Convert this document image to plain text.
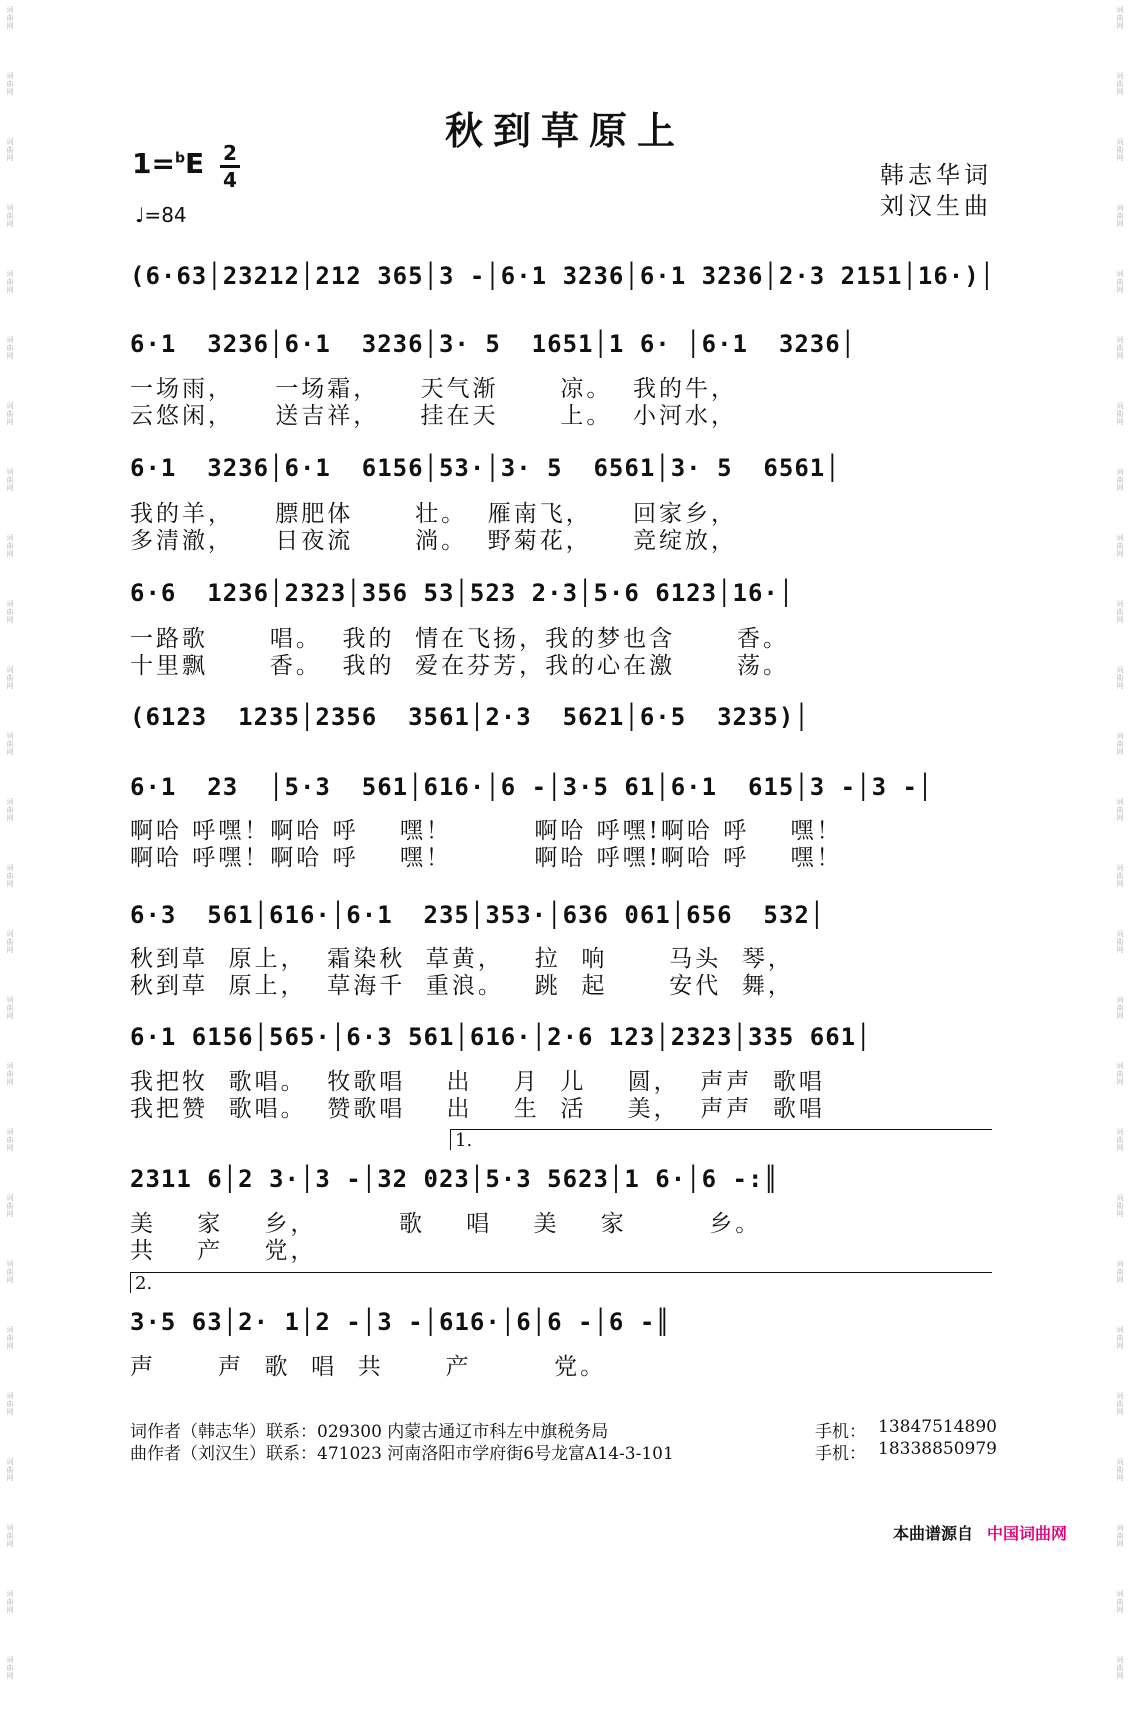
词
曲
网
词
曲
网
词
曲
网
词
曲
网
词
曲
网
词
曲
网
词
曲
网
词
曲
网
词
曲
网
词
曲
网
词
曲
网
词
曲
网
词
曲
网
词
曲
网
词
曲
网
词
曲
网
词
曲
网
词
曲
网
词
曲
网
词
曲
网
词
曲
网
词
曲
网
词
曲
网
词
曲
网
词
曲
网
词
曲
网
词
曲
网
词
曲
网
词
曲
网
词
曲
网
词
曲
网
词
曲
网
词
曲
网
词
曲
网
词
曲
网
词
曲
网
词
曲
网
词
曲
网
词
曲
网
词
曲
网
词
曲
网
词
曲
网
词
曲
网
词
曲
网
词
曲
网
词
曲
网
词
曲
网
词
曲
网
词
曲
网
词
曲
网
词
曲
网
词
曲
网
秋到草原上
1=$^b$E 2
4
♩=84
韩志华词
刘汉生曲
(6·63│23212│212 365│3 -│6·1 3236│6·1 3236│2·3 2151│16·)│
6·1  3236│6·1  3236│3· 5  1651│1 6· │6·1  3236│
一场雨，    一场霜，    天气渐      凉。  我的牛，
云悠闲，    送吉祥，    挂在天      上。  小河水，
6·1  3236│6·1  6156│53·│3· 5  6561│3· 5  6561│
我的羊，    膘肥体      壮。  雁南飞，    回家乡，
多清澈，    日夜流      淌。  野菊花，    竞绽放，
6·6  1236│2323│356 53│523 2·3│5·6 6123│16·│
一路歌      唱。  我的  情在飞扬，我的梦也含      香。
十里飘      香。  我的  爱在芬芳，我的心在激      荡。
(6123  1235│2356  3561│2·3  5621│6·5  3235)│
6·1  23  │5·3  561│616·│6 -│3·5 61│6·1  615│3 -│3 -│
啊哈 呼嘿！啊哈 呼    嘿！        啊哈 呼嘿!啊哈 呼    嘿！
啊哈 呼嘿！啊哈 呼    嘿！        啊哈 呼嘿!啊哈 呼    嘿！
6·3  561│616·│6·1  235│353·│636 061│656  532│
秋到草  原上，  霜染秋  草黄，   拉  响      马头  琴，
秋到草  原上，  草海千  重浪。   跳  起      安代  舞，
6·1 6156│565·│6·3 561│616·│2·6 123│2323│335 661│
我把牧  歌唱。  牧歌唱    出    月  儿    圆，  声声  歌唱
我把赞  歌唱。  赞歌唱    出    生  活    美，  声声  歌唱
2311 6│2 3·│3 -│32 023│5·3 5623│1 6·│6 -:║
1.
美    家    乡，        歌    唱    美    家        乡。
共    产    党，
3·5 63│2· 1│2 -│3 -│616·│6│6 -│6 -║
2.
声      声  歌  唱  共      产        党。
词作者（韩志华）联系：029300 内蒙古通辽市科左中旗税务局	手机： 13847514890
曲作者（刘汉生）联系：471023 河南洛阳市学府街6号龙富A14-3-101	手机： 18338850979
本曲谱源自 中国词曲网
